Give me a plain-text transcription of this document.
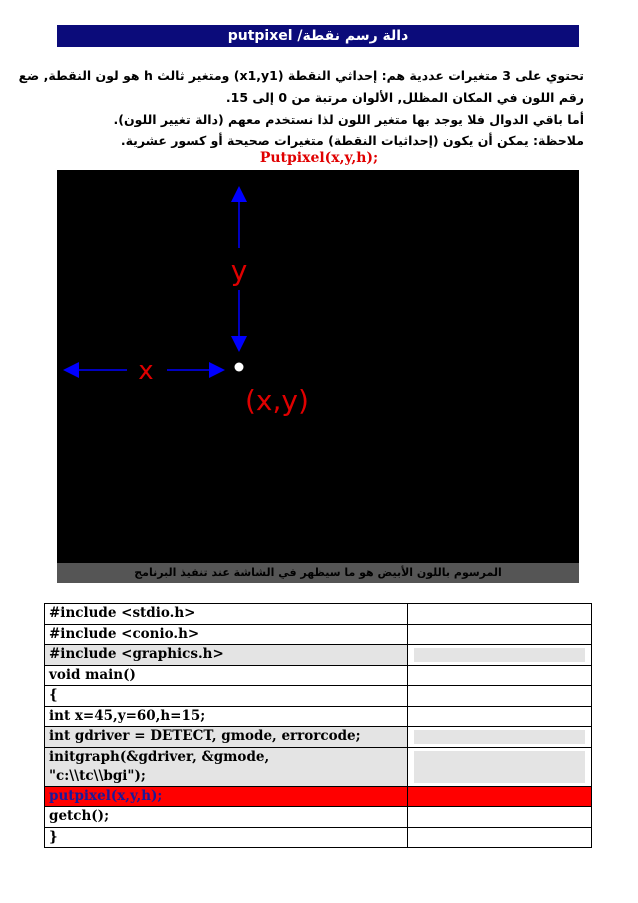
دالة رسم نقطة/ putpixel
تحتوي على 3 متغيرات عددية هم: إحداثي النقطة (x1,y1) ومتغير ثالث h هو لون النقطة, ضع
رقم اللون في المكان المظلل, الألوان مرتبة من 0 إلى 15.
أما باقي الدوال فلا يوجد بها متغير اللون لذا نستخدم معهم (دالة تغيير اللون).
ملاحظة: يمكن أن يكون (إحداثيات النقطة) متغيرات صحيحة أو كسور عشرية.
Putpixel(x,y,h);
y
x
(x,y)
المرسوم باللون الأبيض هو ما سيظهر في الشاشة عند تنفيذ البرنامج
#include <stdio.h>	
#include <conio.h>	
#include <graphics.h>	

void main()	
{	
int x=45,y=60,h=15;	
int gdriver = DETECT, gmode, errorcode;	

initgraph(&gdriver, &gmode,
"c:\\tc\\bgi");	

putpixel(x,y,h);	
getch();	
}	
